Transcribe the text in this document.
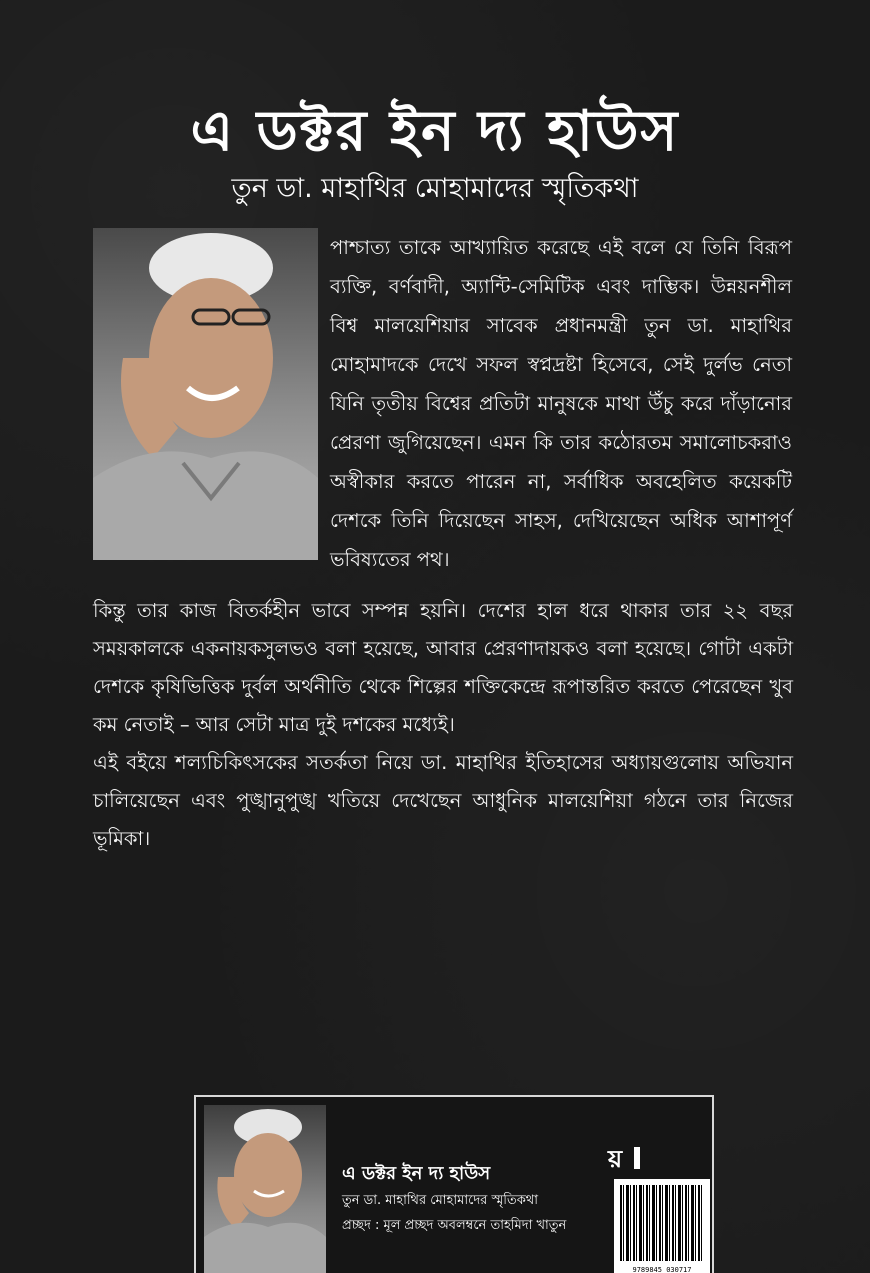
এ ডক্টর ইন দ্য হাউস
তুন ডা. মাহাথির মোহামাদের স্মৃতিকথা

পাশ্চাত্য তাকে আখ্যায়িত করেছে এই বলে যে তিনি বিরূপ ব্যক্তি, বর্ণবাদী, অ্যান্টি-সেমিটিক এবং দাম্ভিক। উন্নয়নশীল বিশ্ব মালয়েশিয়ার সাবেক প্রধানমন্ত্রী তুন ডা. মাহাথির মোহামাদকে দেখে সফল স্বপ্নদ্রষ্টা হিসেবে, সেই দুর্লভ নেতা যিনি তৃতীয় বিশ্বের প্রতিটা মানুষকে মাথা উঁচু করে দাঁড়ানোর প্রেরণা জুগিয়েছেন। এমন কি তার কঠোরতম সমালোচকরাও অস্বীকার করতে পারেন না, সর্বাধিক অবহেলিত কয়েকটি দেশকে তিনি দিয়েছেন সাহস, দেখিয়েছেন অধিক আশাপূর্ণ ভবিষ্যতের পথ।

কিন্তু তার কাজ বিতর্কহীন ভাবে সম্পন্ন হয়নি। দেশের হাল ধরে থাকার তার ২২ বছর সময়কালকে একনায়কসুলভও বলা হয়েছে, আবার প্রেরণাদায়কও বলা হয়েছে। গোটা একটা দেশকে কৃষিভিত্তিক দুর্বল অর্থনীতি থেকে শিল্পের শক্তিকেন্দ্রে রূপান্তরিত করতে পেরেছেন খুব কম নেতাই – আর সেটা মাত্র দুই দশকের মধ্যেই।

এই বইয়ে শল্যচিকিৎসকের সতর্কতা নিয়ে ডা. মাহাথির ইতিহাসের অধ্যায়গুলোয় অভিযান চালিয়েছেন এবং পুঙ্খানুপুঙ্খ খতিয়ে দেখেছেন আধুনিক মালয়েশিয়া গঠনে তার নিজের ভূমিকা।

এ ডক্টর ইন দ্য হাউস
তুন ডা. মাহাথির মোহামাদের স্মৃতিকথা
প্রচ্ছদ : মূল প্রচ্ছদ অবলম্বনে তাহমিদা খাতুন
য়
9789845 030717
